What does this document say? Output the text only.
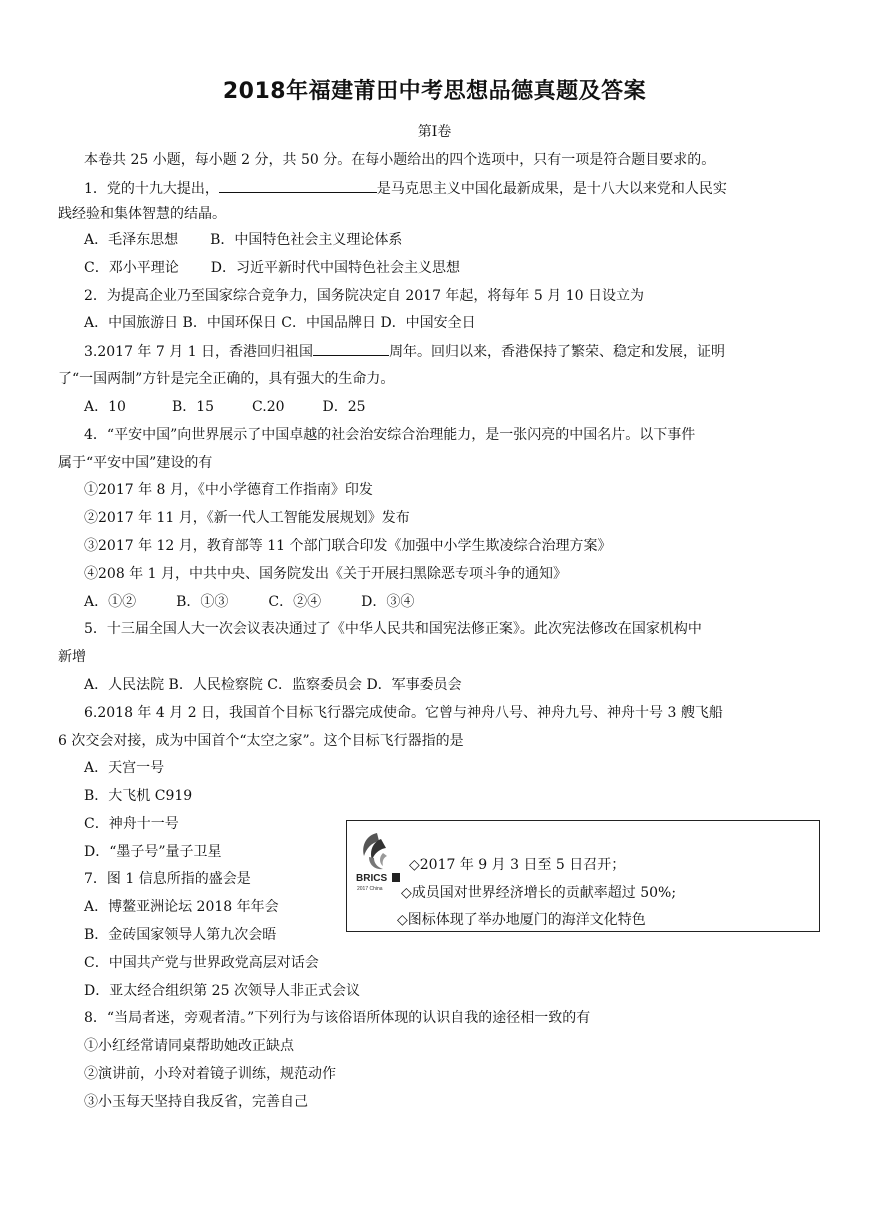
2018年福建莆田中考思想品德真题及答案
第Ⅰ卷
本卷共 25 小题，每小题 2 分，共 50 分。在每小题给出的四个选项中，只有一项是符合题目要求的。
1．党的十九大提出，	是马克思主义中国化最新成果，是十八大以来党和人民实
践经验和集体智慧的结晶。
A．毛泽东思想 B．中国特色社会主义理论体系
C．邓小平理论 D．习近平新时代中国特色社会主义思想
2．为提高企业乃至国家综合竞争力，国务院决定自 2017 年起，将每年 5 月 10 日设立为
A．中国旅游日 B．中国环保日 C．中国品牌日 D．中国安全日
3.2017 年 7 月 1 日，香港回归祖国	周年。回归以来，香港保持了繁荣、稳定和发展，证明
了“一国两制”方针是完全正确的，具有强大的生命力。
A．10	B．15	C.20	D．25
4．“平安中国”向世界展示了中国卓越的社会治安综合治理能力，是一张闪亮的中国名片。以下事件
属于“平安中国”建设的有
①2017 年 8 月，《中小学德育工作指南》印发
②2017 年 11 月，《新一代人工智能发展规划》发布
③2017 年 12 月，教育部等 11 个部门联合印发《加强中小学生欺凌综合治理方案》
④208 年 1 月，中共中央、国务院发出《关于开展扫黑除恶专项斗争的通知》
A．①②	B．①③	C．②④	D．③④
5．十三届全国人大一次会议表决通过了《中华人民共和国宪法修正案》。此次宪法修改在国家机构中
新增
A．人民法院 B．人民检察院 C．监察委员会 D．军事委员会
6.2018 年 4 月 2 日，我国首个目标飞行器完成使命。它曾与神舟八号、神舟九号、神舟十号 3 艘飞船
6 次交会对接，成为中国首个“太空之家”。这个目标飞行器指的是
A．天宫一号
B．大飞机 C919
C．神舟十一号
D．“墨子号”量子卫星
7．图 1 信息所指的盛会是
A．博鳌亚洲论坛 2018 年年会
B．金砖国家领导人第九次会晤
C．中国共产党与世界政党高层对话会
D．亚太经合组织第 25 次领导人非正式会议
8．“当局者迷，旁观者清。”下列行为与该俗语所体现的认识自我的途径相一致的有
①小红经常请同桌帮助她改正缺点
②演讲前，小玲对着镜子训练，规范动作
③小玉每天坚持自我反省，完善自己
BRICS
2017 China
◇2017 年 9 月 3 日至 5 日召开；
◇成员国对世界经济增长的贡献率超过 50%;
◇图标体现了举办地厦门的海洋文化特色
